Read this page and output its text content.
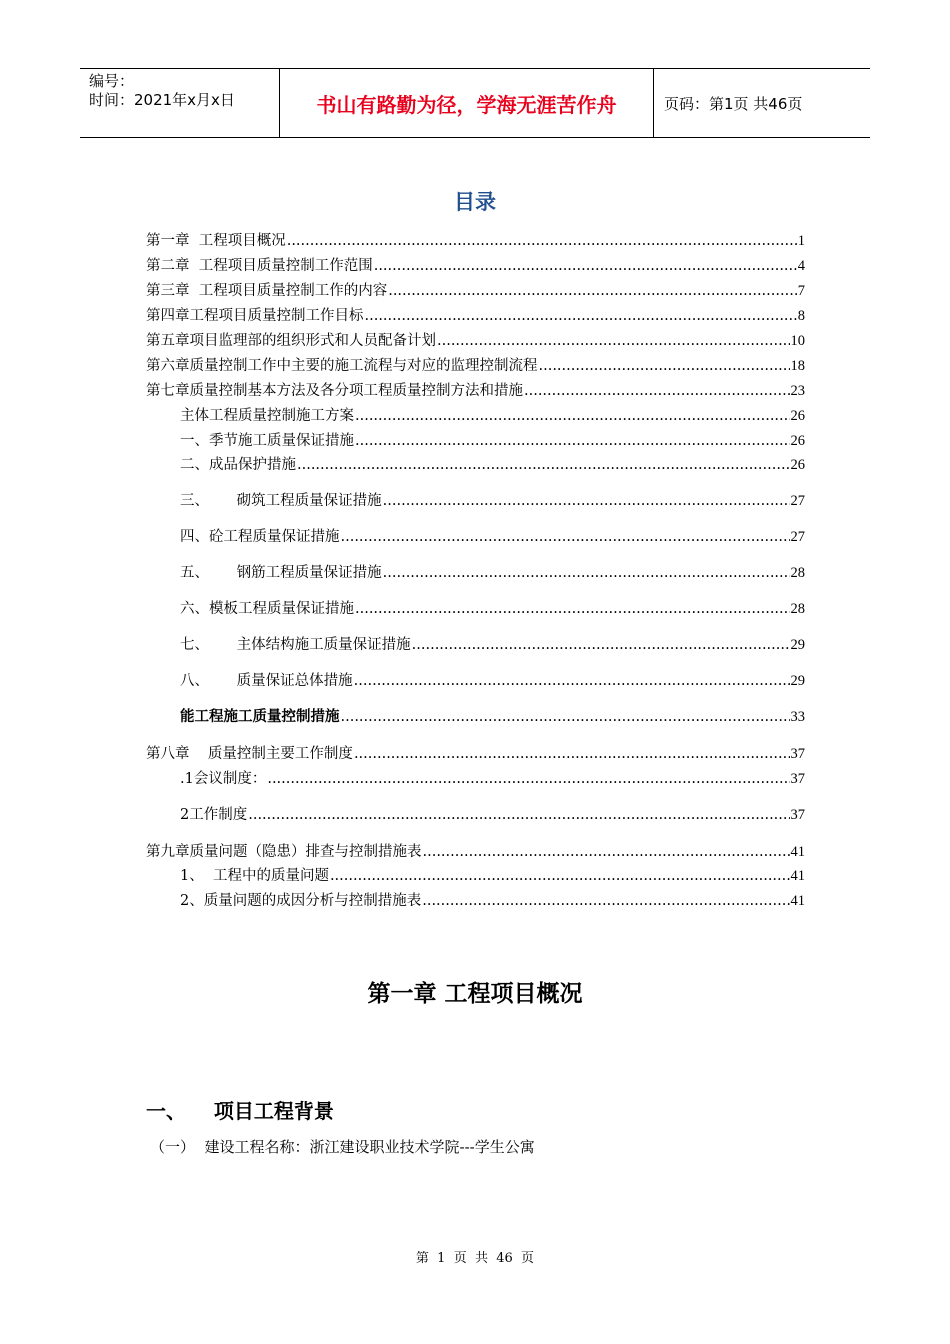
编号：
时间：2021年x月x日	书山有路勤为径，学海无涯苦作舟	页码：第1页 共46页
目录
第一章  工程项目概况 .....	1
第二章  工程项目质量控制工作范围 .....	4
第三章  工程项目质量控制工作的内容 .....	7
第四章工程项目质量控制工作目标 .....	8
第五章项目监理部的组织形式和人员配备计划 .....	10
第六章质量控制工作中主要的施工流程与对应的监理控制流程 .....	18
第七章质量控制基本方法及各分项工程质量控制方法和措施 .....	23
主体工程质量控制施工方案 .....	26
一、季节施工质量保证措施 .....	26
二、成品保护措施 .....	26
三、      砌筑工程质量保证措施 .....	27
四、砼工程质量保证措施 .....	27
五、      钢筋工程质量保证措施 .....	28
六、模板工程质量保证措施 .....	28
七、      主体结构施工质量保证措施 .....	29
八、      质量保证总体措施 .....	29
能工程施工质量控制措施 .....	33
第八章    质量控制主要工作制度 .....	37
.1会议制度： .....	37
2工作制度 .....	37
第九章质量问题（隐患）排查与控制措施表 .....	41
1、  工程中的质量问题 .....	41
2、质量问题的成因分析与控制措施表 .....	41
第一章 工程项目概况
一、    项目工程背景
（一）  建设工程名称：浙江建设职业技术学院---学生公寓
第  1  页  共  46  页
